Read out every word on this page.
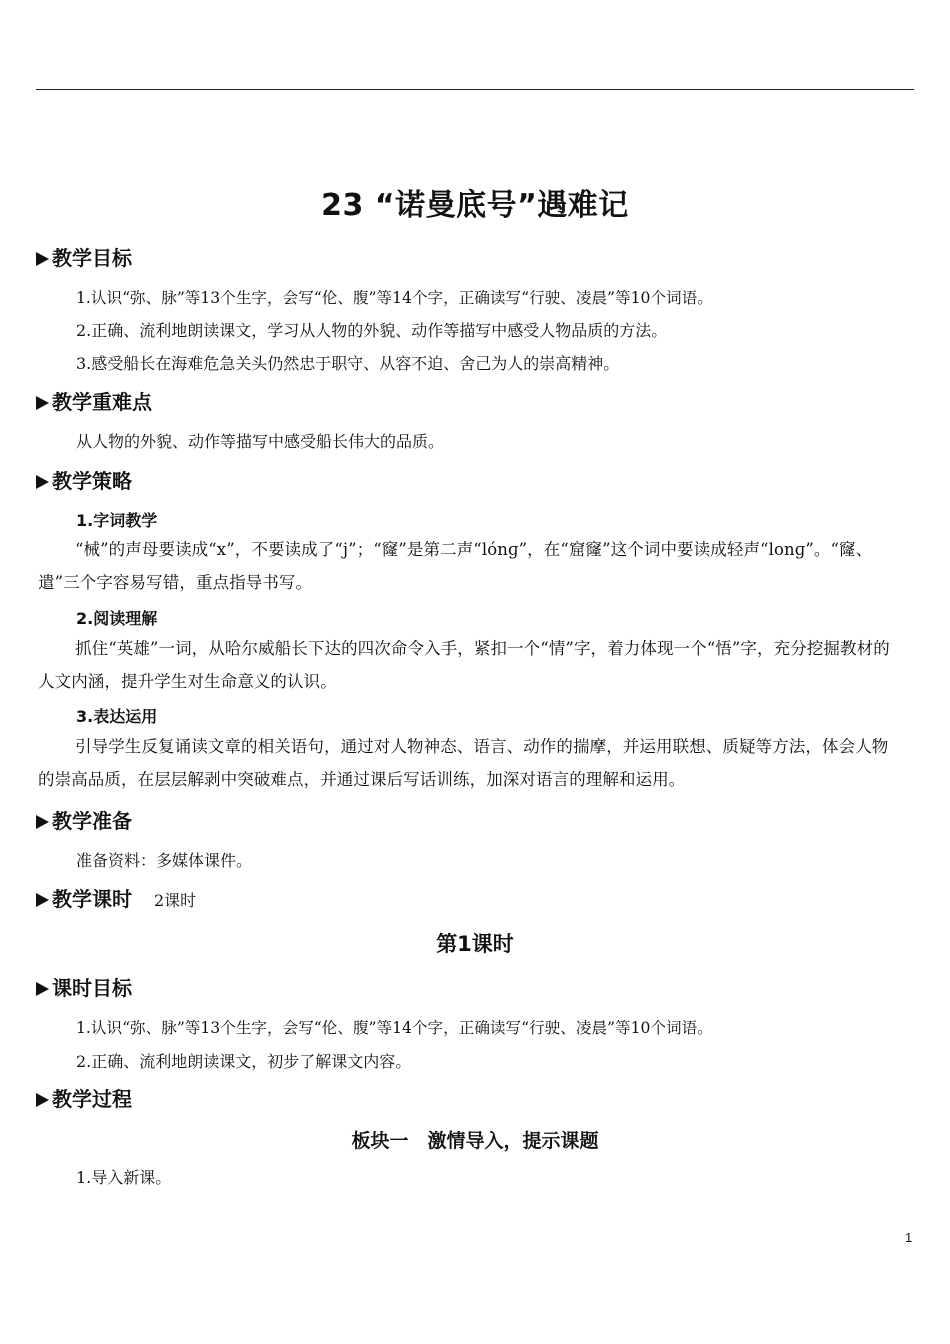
23 “诺曼底号”遇难记
教学目标
1.认识“弥、脉”等13个生字，会写“伦、腹”等14个字，正确读写“行驶、凌晨”等10个词语。
2.正确、流利地朗读课文，学习从人物的外貌、动作等描写中感受人物品质的方法。
3.感受船长在海难危急关头仍然忠于职守、从容不迫、舍己为人的崇高精神。
教学重难点
从人物的外貌、动作等描写中感受船长伟大的品质。
教学策略
1.字词教学
“械”的声母要读成“x”，不要读成了“j”；“窿”是第二声“lónɡ”，在“窟窿”这个词中要读成轻声“lonɡ”。“窿、遣”三个字容易写错，重点指导书写。
2.阅读理解
抓住“英雄”一词，从哈尔威船长下达的四次命令入手，紧扣一个“情”字，着力体现一个“悟”字，充分挖掘教材的人文内涵，提升学生对生命意义的认识。
3.表达运用
引导学生反复诵读文章的相关语句，通过对人物神态、语言、动作的揣摩，并运用联想、质疑等方法，体会人物的崇高品质，在层层解剥中突破难点，并通过课后写话训练，加深对语言的理解和运用。
教学准备
准备资料：多媒体课件。
教学课时 2课时
第1课时
课时目标
1.认识“弥、脉”等13个生字，会写“伦、腹”等14个字，正确读写“行驶、凌晨”等10个词语。
2.正确、流利地朗读课文，初步了解课文内容。
教学过程
板块一　激情导入，提示课题
1.导入新课。
1
